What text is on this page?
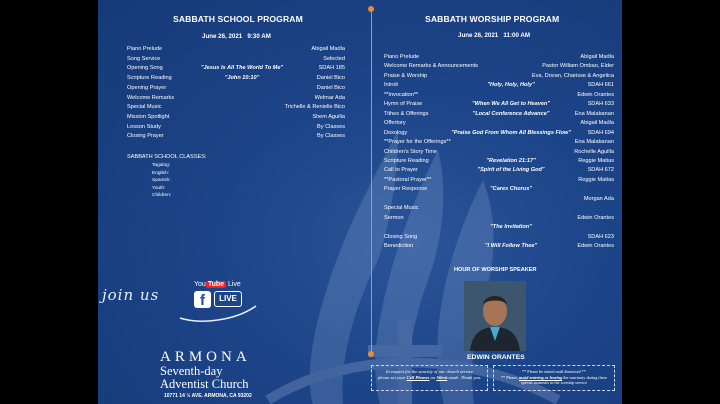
SABBATH SCHOOL PROGRAM

June 26, 2021 9:30 AM

Piano Prelude	Abigail Madla
Song Service	Selected
Opening Song	"Jesus Is All The World To Me"	SDAH 185
Scripture Reading	"John 10:10"	Daniel Bico
Opening Prayer	Daniel Bico
Welcome Remarks	Welmar Ada
Special Music	Trichelle & Renielle Bico
Mission Spotlight	Shem Aguilla
Lesson Study	By Classes
Closing Prayer	By Classes
SABBATH SCHOOL CLASSES:
Tagalog:
English:
Spanish:
Youth:
Children:
SABBATH WORSHIP PROGRAM

June 26, 2021 11:00 AM

Piano Prelude	Abigail Madla
Welcome Remarks & Announcements	Pastor William Ombao, Elder
Praise & Worship	Eva, Dovan, Charisse & Angelica
Introit	"Holy, Holy, Holy"	SDAH 661
**Invocation**	Edwin Orantes
Hymn of Praise	"When We All Get to Heaven"	SDAH 633
Tithes & Offerings	"Local Conference Advance"	Ena Malabanan
Offertory	Abigail Madla
Doxology	"Praise God From Whom All Blessings Flow"	SDAH 694
**Prayer for the Offerings**	Ena Malabanan
Children's Story Time	Rochelle Aguilla
Scripture Reading	"Revelation 21:17"	Reggie Matias
Call to Prayer	"Spirit of the Living God"	SDAH 672
**Pastoral Prayer**	Reggie Matias
Prayer Response	"Cares Chorus"
Morgan Ada
Special Music
Sermon	Edwin Orantes
"The Invitation"
Closing Song	SDAH 623
Benediction	"I Will Follow Thee"	Edwin Orantes
join us
You Tube Live
f	LIVE
ARMONA
Seventh-day
Adventist Church
10771 14 ½ AVE. ARMONA, CA 93202
HOUR OF WORSHIP SPEAKER
EDWIN ORANTES
In respect for the sanctity of our church service
please set your Cell Phones on Silent mode. Thank you.
** Please be seated until dismissed **
** Please, avoid entering or leaving the sanctuary during these special moments in the worship service
